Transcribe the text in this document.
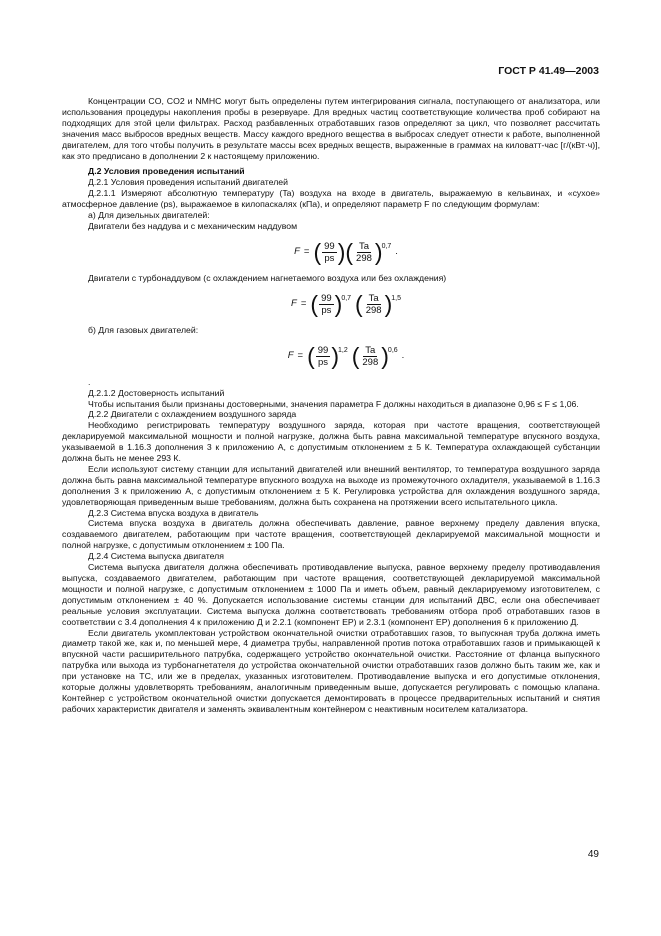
ГОСТ Р 41.49—2003

Концентрации CO, CO2 и NMHC могут быть определены путем интегрирования сигнала, поступающего от анализатора, или использования процедуры накопления пробы в резервуаре. Для вредных частиц соответствующие количества проб собирают на подходящих для этой цели фильтрах. Расход разбавленных отработавших газов определяют за цикл, что позволяет рассчитать значения масс выбросов вредных веществ. Массу каждого вредного вещества в выбросах следует отнести к работе, выполненной двигателем, для того чтобы получить в результате массы всех вредных веществ, выраженные в граммах на киловатт-час [г/(кВт·ч)], как это предписано в дополнении 2 к настоящему приложению.

Д.2 Условия проведения испытаний

Д.2.1 Условия проведения испытаний двигателей

Д.2.1.1 Измеряют абсолютную температуру (Ta) воздуха на входе в двигатель, выражаемую в кельвинах, и «сухое» атмосферное давление (ps), выражаемое в килопаскалях (кПа), и определяют параметр F по следующим формулам:

а) Для дизельных двигателей:

Двигатели без наддува и с механическим наддувом

F = ( $\frac{99}{ps}$ ) ( $\frac{Ta}{298}$ ) 0,7 .

Двигатели с турбонаддувом (с охлаждением нагнетаемого воздуха или без охлаждения)

F = ( $\frac{99}{ps}$ ) 0,7 ( $\frac{Ta}{298}$ ) 1,5

б) Для газовых двигателей:

F = ( $\frac{99}{ps}$ ) 1,2 ( $\frac{Ta}{298}$ ) 0,6 .

.

Д.2.1.2 Достоверность испытаний

Чтобы испытания были признаны достоверными, значения параметра F должны находиться в диапазоне 0,96 ≤ F ≤ 1,06.

Д.2.2 Двигатели с охлаждением воздушного заряда

Необходимо регистрировать температуру воздушного заряда, которая при частоте вращения, соответствующей декларируемой максимальной мощности и полной нагрузке, должна быть равна максимальной температуре впускного воздуха, указываемой в 1.16.3 дополнения 3 к приложению А, с допустимым отклонением ± 5 К. Температура охлаждающей субстанции должна быть не менее 293 К.

Если используют систему станции для испытаний двигателей или внешний вентилятор, то температура воздушного заряда должна быть равна максимальной температуре впускного воздуха на выходе из промежуточного охладителя, указываемой в 1.16.3 дополнения 3 к приложению А, с допустимым отклонением ± 5 К. Регулировка устройства для охлаждения воздушного заряда, удовлетворяющая приведенным выше требованиям, должна быть сохранена на протяжении всего испытательного цикла.

Д.2.3 Система впуска воздуха в двигатель

Система впуска воздуха в двигатель должна обеспечивать давление, равное верхнему пределу давления впуска, создаваемого двигателем, работающим при частоте вращения, соответствующей декларируемой максимальной мощности и полной нагрузке, с допустимым отклонением ± 100 Па.

Д.2.4 Система выпуска двигателя

Система выпуска двигателя должна обеспечивать противодавление выпуска, равное верхнему пределу противодавления выпуска, создаваемого двигателем, работающим при частоте вращения, соответствующей декларируемой максимальной мощности и полной нагрузке, с допустимым отклонением ± 1000 Па и иметь объем, равный декларируемому изготовителем, с допустимым отклонением ± 40 %. Допускается использование системы станции для испытаний ДВС, если она обеспечивает реальные условия эксплуатации. Система выпуска должна соответствовать требованиям отбора проб отработавших газов в соответствии с 3.4 дополнения 4 к приложению Д и 2.2.1 (компонент EP) и 2.3.1 (компонент EP) дополнения 6 к приложению Д.

Если двигатель укомплектован устройством окончательной очистки отработавших газов, то выпускная труба должна иметь диаметр такой же, как и, по меньшей мере, 4 диаметра трубы, направленной против потока отработавших газов и примыкающей к впускной части расширительного патрубка, содержащего устройство окончательной очистки. Расстояние от фланца выпускного патрубка или выхода из турбонагнетателя до устройства окончательной очистки отработавших газов должно быть таким же, как и при установке на ТС, или же в пределах, указанных изготовителем. Противодавление выпуска и его допустимые отклонения, которые должны удовлетворять требованиям, аналогичным приведенным выше, допускается регулировать с помощью клапана. Контейнер с устройством окончательной очистки допускается демонтировать в процессе предварительных испытаний и снятия рабочих характеристик двигателя и заменять эквивалентным контейнером с неактивным носителем катализатора.

49
